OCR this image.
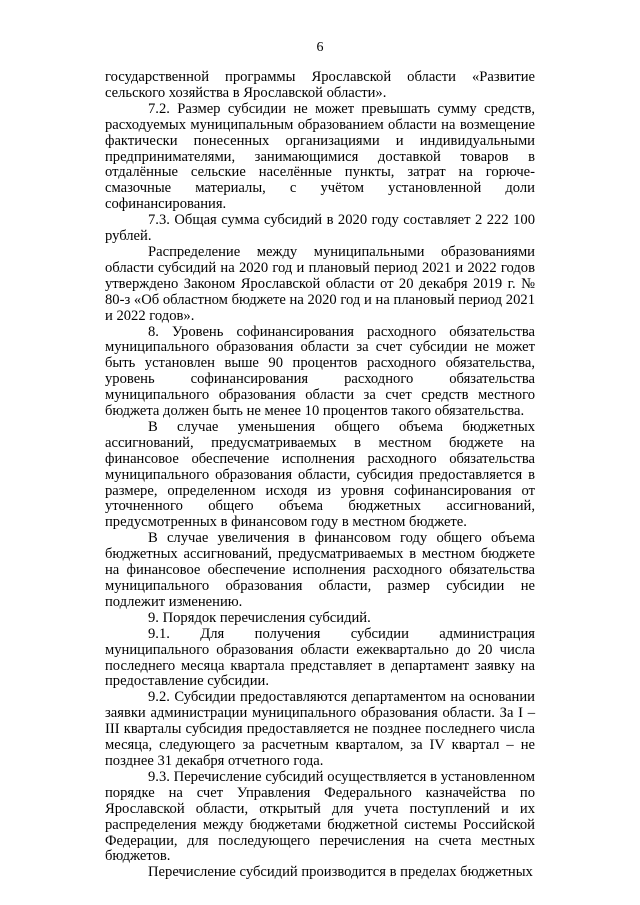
6

государственной программы Ярославской области «Развитие сельского хозяйства в Ярославской области».

7.2. Размер субсидии не может превышать сумму средств, расходуемых муниципальным образованием области на возмещение фактически понесенных организациями и индивидуальными предпринимателями, занимающимися доставкой товаров в отдалённые сельские населённые пункты, затрат на горюче-смазочные материалы, с учётом установленной доли софинансирования.

7.3. Общая сумма субсидий в 2020 году составляет 2 222 100 рублей.

Распределение между муниципальными образованиями области субсидий на 2020 год и плановый период 2021 и 2022 годов утверждено Законом Ярославской области от 20 декабря 2019 г. № 80-з «Об областном бюджете на 2020 год и на плановый период 2021 и 2022 годов».

8. Уровень софинансирования расходного обязательства муниципального образования области за счет субсидии не может быть установлен выше 90 процентов расходного обязательства, уровень софинансирования расходного обязательства муниципального образования области за счет средств местного бюджета должен быть не менее 10 процентов такого обязательства.

В случае уменьшения общего объема бюджетных ассигнований, предусматриваемых в местном бюджете на финансовое обеспечение исполнения расходного обязательства муниципального образования области, субсидия предоставляется в размере, определенном исходя из уровня софинансирования от уточненного общего объема бюджетных ассигнований, предусмотренных в финансовом году в местном бюджете.

В случае увеличения в финансовом году общего объема бюджетных ассигнований, предусматриваемых в местном бюджете на финансовое обеспечение исполнения расходного обязательства муниципального образования области, размер субсидии не подлежит изменению.

9. Порядок перечисления субсидий.

9.1. Для получения субсидии администрация муниципального образования области ежеквартально до 20 числа последнего месяца квартала представляет в департамент заявку на предоставление субсидии.

9.2. Субсидии предоставляются департаментом на основании заявки администрации муниципального образования области. За I – III кварталы субсидия предоставляется не позднее последнего числа месяца, следующего за расчетным кварталом, за IV квартал – не позднее 31 декабря отчетного года.

9.3. Перечисление субсидий осуществляется в установленном порядке на счет Управления Федерального казначейства по Ярославской области, открытый для учета поступлений и их распределения между бюджетами бюджетной системы Российской Федерации, для последующего перечисления на счета местных бюджетов.

Перечисление субсидий производится в пределах бюджетных
